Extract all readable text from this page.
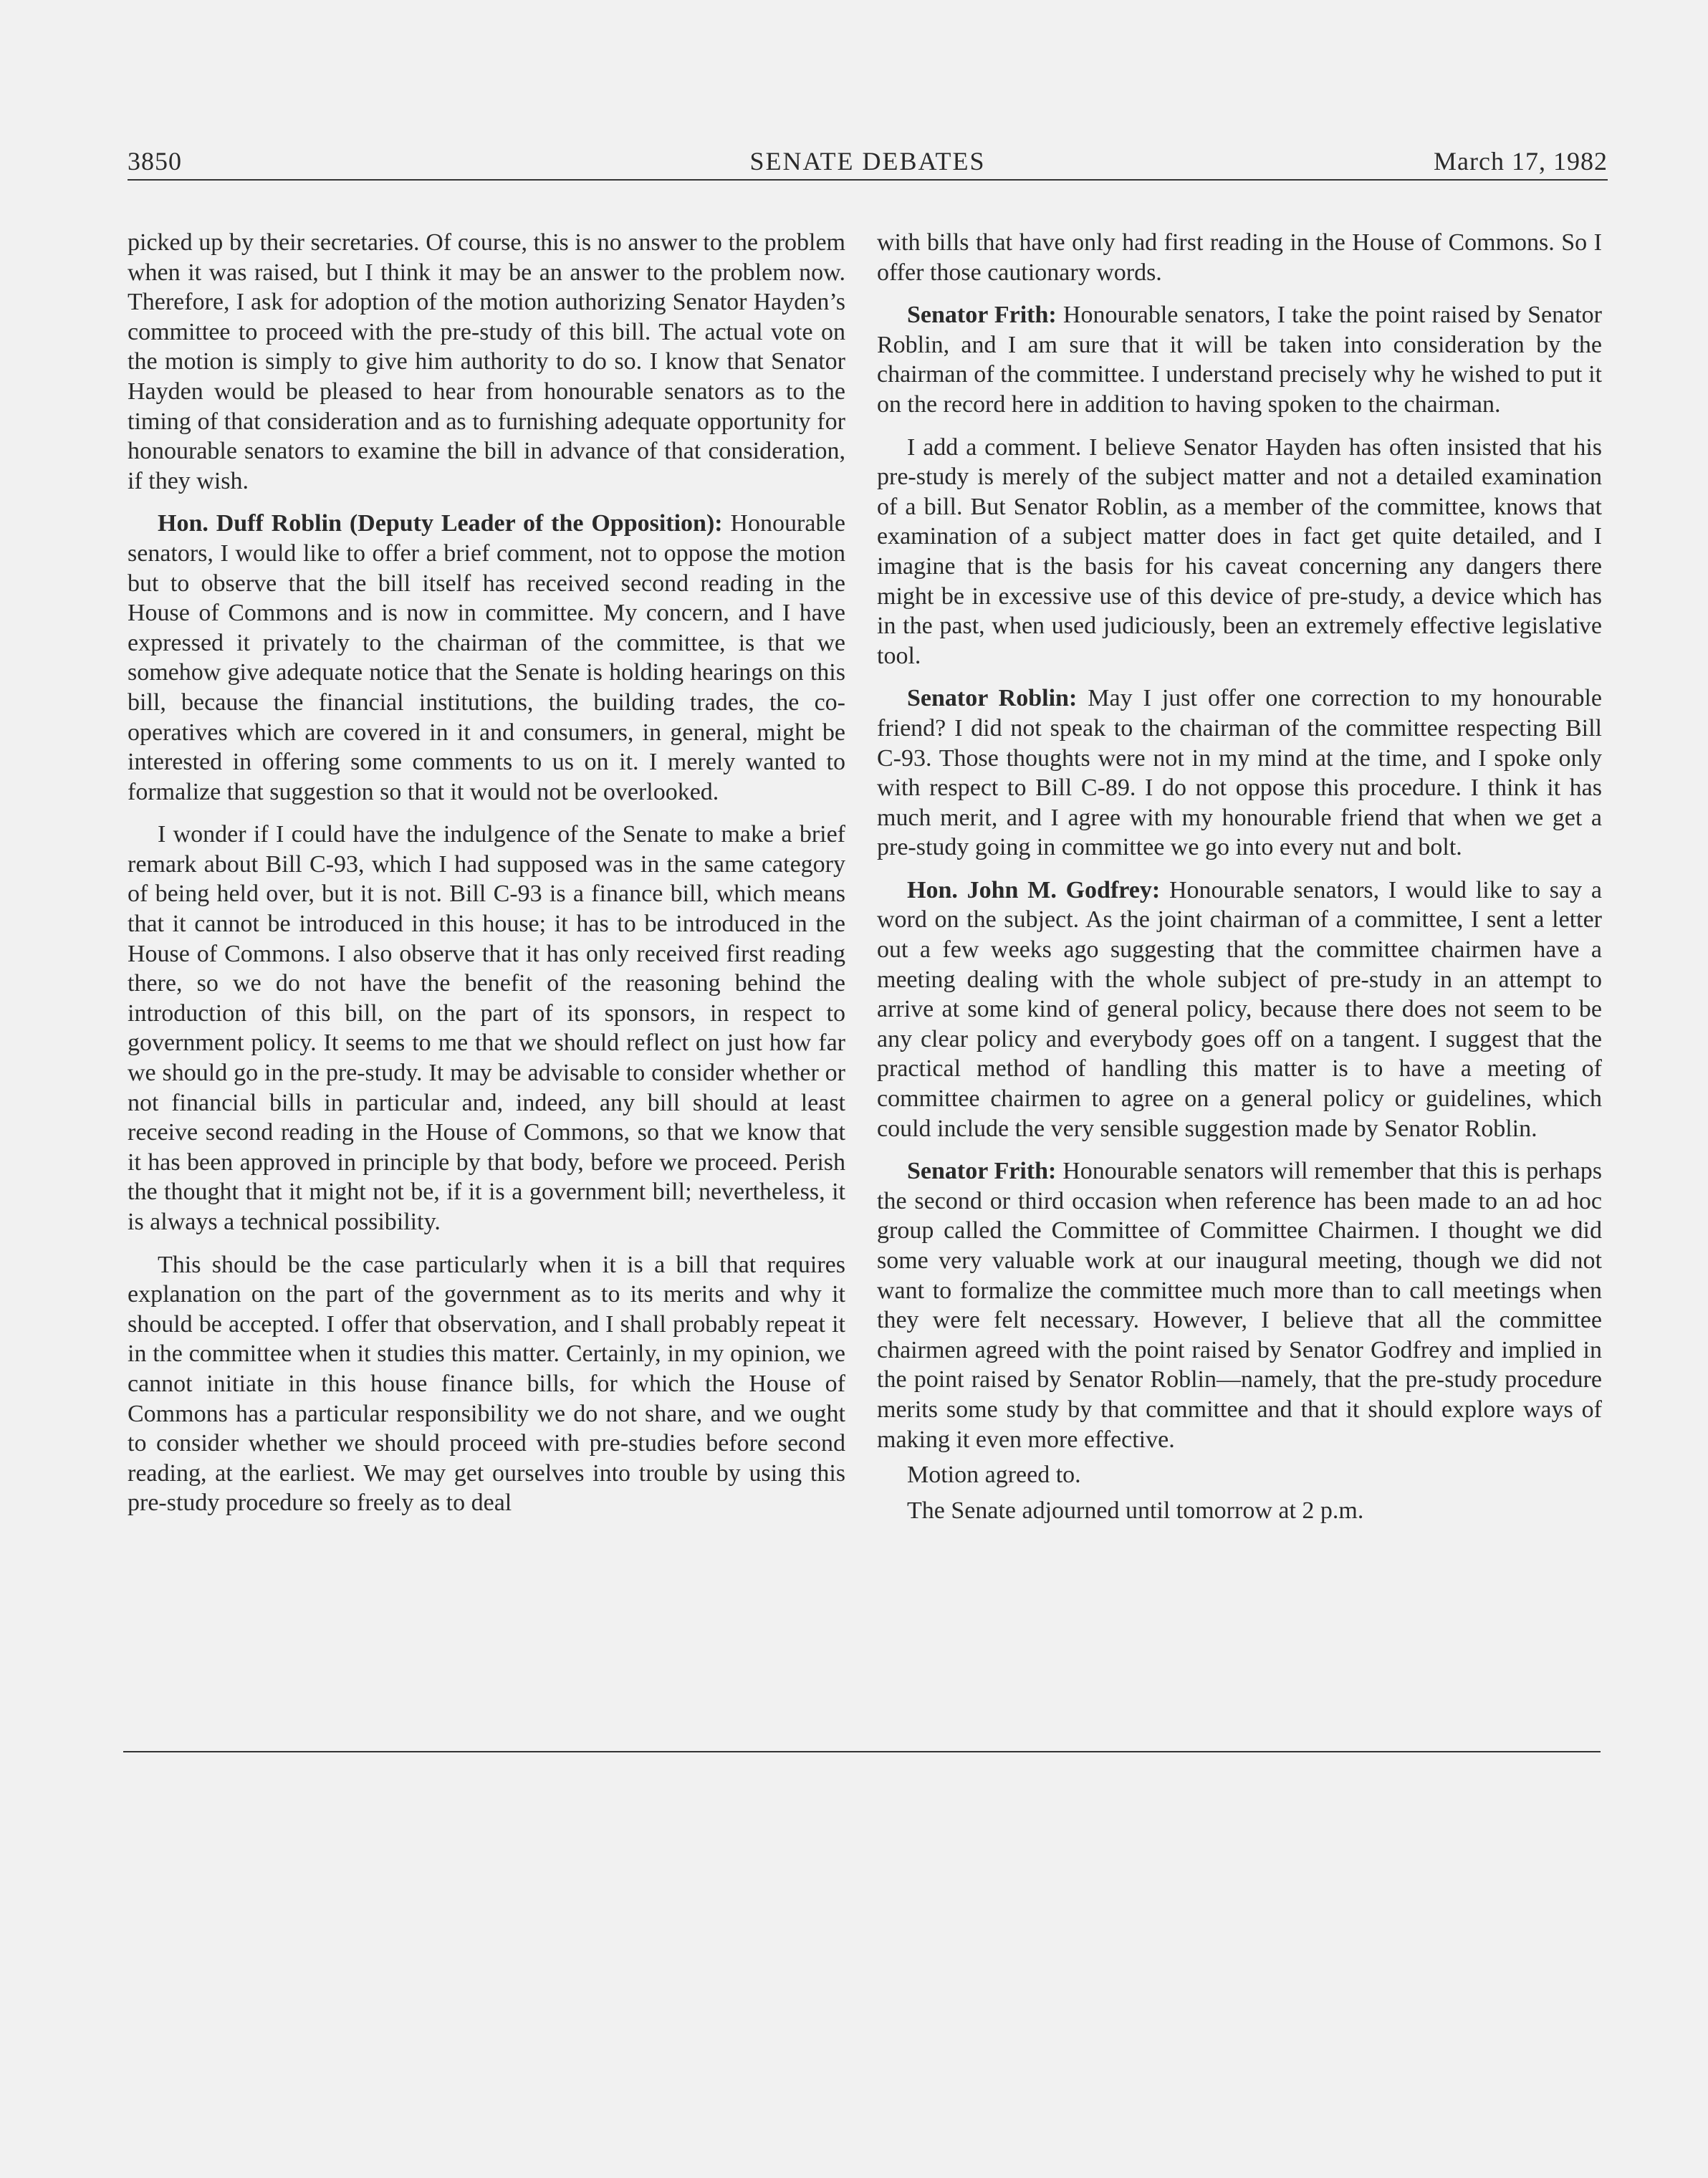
3850	SENATE DEBATES	March 17, 1982

picked up by their secretaries. Of course, this is no answer to the problem when it was raised, but I think it may be an answer to the problem now. Therefore, I ask for adoption of the motion authorizing Senator Hayden’s committee to proceed with the pre-study of this bill. The actual vote on the motion is simply to give him authority to do so. I know that Senator Hayden would be pleased to hear from honourable senators as to the timing of that consideration and as to furnishing adequate opportunity for honourable senators to examine the bill in advance of that consideration, if they wish.

Hon. Duff Roblin (Deputy Leader of the Opposition): Honourable senators, I would like to offer a brief comment, not to oppose the motion but to observe that the bill itself has received second reading in the House of Commons and is now in committee. My concern, and I have expressed it privately to the chairman of the committee, is that we somehow give adequate notice that the Senate is holding hearings on this bill, because the financial institutions, the building trades, the co-operatives which are covered in it and consumers, in general, might be interested in offering some comments to us on it. I merely wanted to formalize that suggestion so that it would not be overlooked.

I wonder if I could have the indulgence of the Senate to make a brief remark about Bill C-93, which I had supposed was in the same category of being held over, but it is not. Bill C-93 is a finance bill, which means that it cannot be introduced in this house; it has to be introduced in the House of Commons. I also observe that it has only received first reading there, so we do not have the benefit of the reasoning behind the introduction of this bill, on the part of its sponsors, in respect to government policy. It seems to me that we should reflect on just how far we should go in the pre-study. It may be advisable to consider whether or not financial bills in particular and, indeed, any bill should at least receive second reading in the House of Commons, so that we know that it has been approved in principle by that body, before we proceed. Perish the thought that it might not be, if it is a government bill; nevertheless, it is always a technical possibility.

This should be the case particularly when it is a bill that requires explanation on the part of the government as to its merits and why it should be accepted. I offer that observation, and I shall probably repeat it in the committee when it studies this matter. Certainly, in my opinion, we cannot initiate in this house finance bills, for which the House of Commons has a particular responsibility we do not share, and we ought to consider whether we should proceed with pre-studies before second reading, at the earliest. We may get ourselves into trouble by using this pre-study procedure so freely as to deal

with bills that have only had first reading in the House of Commons. So I offer those cautionary words.

Senator Frith: Honourable senators, I take the point raised by Senator Roblin, and I am sure that it will be taken into consideration by the chairman of the committee. I understand precisely why he wished to put it on the record here in addition to having spoken to the chairman.

I add a comment. I believe Senator Hayden has often insisted that his pre-study is merely of the subject matter and not a detailed examination of a bill. But Senator Roblin, as a member of the committee, knows that examination of a subject matter does in fact get quite detailed, and I imagine that is the basis for his caveat concerning any dangers there might be in excessive use of this device of pre-study, a device which has in the past, when used judiciously, been an extremely effective legislative tool.

Senator Roblin: May I just offer one correction to my honourable friend? I did not speak to the chairman of the committee respecting Bill C-93. Those thoughts were not in my mind at the time, and I spoke only with respect to Bill C-89. I do not oppose this procedure. I think it has much merit, and I agree with my honourable friend that when we get a pre-study going in committee we go into every nut and bolt.

Hon. John M. Godfrey: Honourable senators, I would like to say a word on the subject. As the joint chairman of a committee, I sent a letter out a few weeks ago suggesting that the committee chairmen have a meeting dealing with the whole subject of pre-study in an attempt to arrive at some kind of general policy, because there does not seem to be any clear policy and everybody goes off on a tangent. I suggest that the practical method of handling this matter is to have a meeting of committee chairmen to agree on a general policy or guidelines, which could include the very sensible suggestion made by Senator Roblin.

Senator Frith: Honourable senators will remember that this is perhaps the second or third occasion when reference has been made to an ad hoc group called the Committee of Committee Chairmen. I thought we did some very valuable work at our inaugural meeting, though we did not want to formalize the committee much more than to call meetings when they were felt necessary. However, I believe that all the committee chairmen agreed with the point raised by Senator Godfrey and implied in the point raised by Senator Roblin—namely, that the pre-study procedure merits some study by that committee and that it should explore ways of making it even more effective.

Motion agreed to.

The Senate adjourned until tomorrow at 2 p.m.
